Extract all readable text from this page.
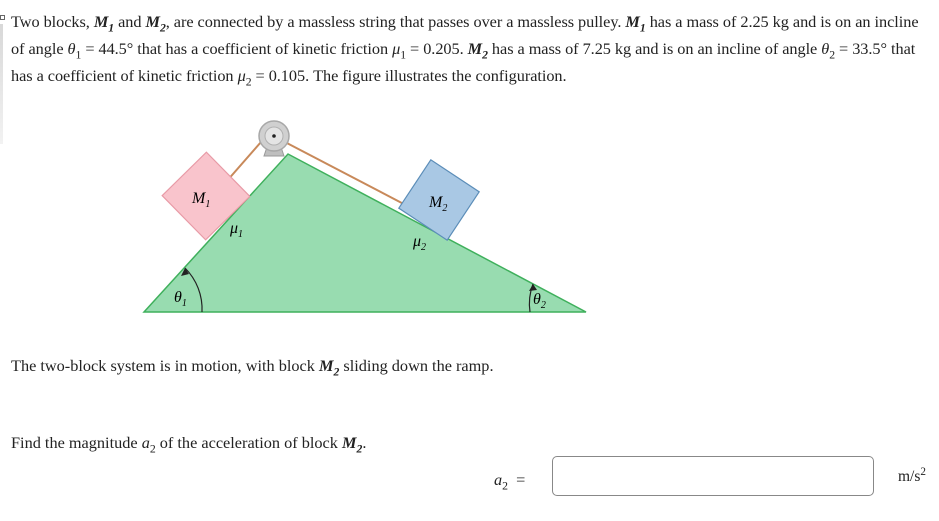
Two blocks, $M_1$ and $M_2$, are connected by a massless string that passes over a massless pulley. $M_1$ has a mass of 2.25 kg and is on an incline of angle $\theta_1 = 44.5^\circ$ that has a coefficient of kinetic friction $\mu_1 = 0.205$. $M_2$ has a mass of 7.25 kg and is on an incline of angle $\theta_2 = 33.5^\circ$ that has a coefficient of kinetic friction $\mu_2 = 0.105$. The figure illustrates the configuration.
$M_1$	$M_2$
$\mu_1$	$\mu_2$
$\theta_1$	$\theta_2$
The two-block system is in motion, with block $M_2$ sliding down the ramp.
Find the magnitude $a_2$ of the acceleration of block $M_2$.
$a_2$ =	$m/s^2$
